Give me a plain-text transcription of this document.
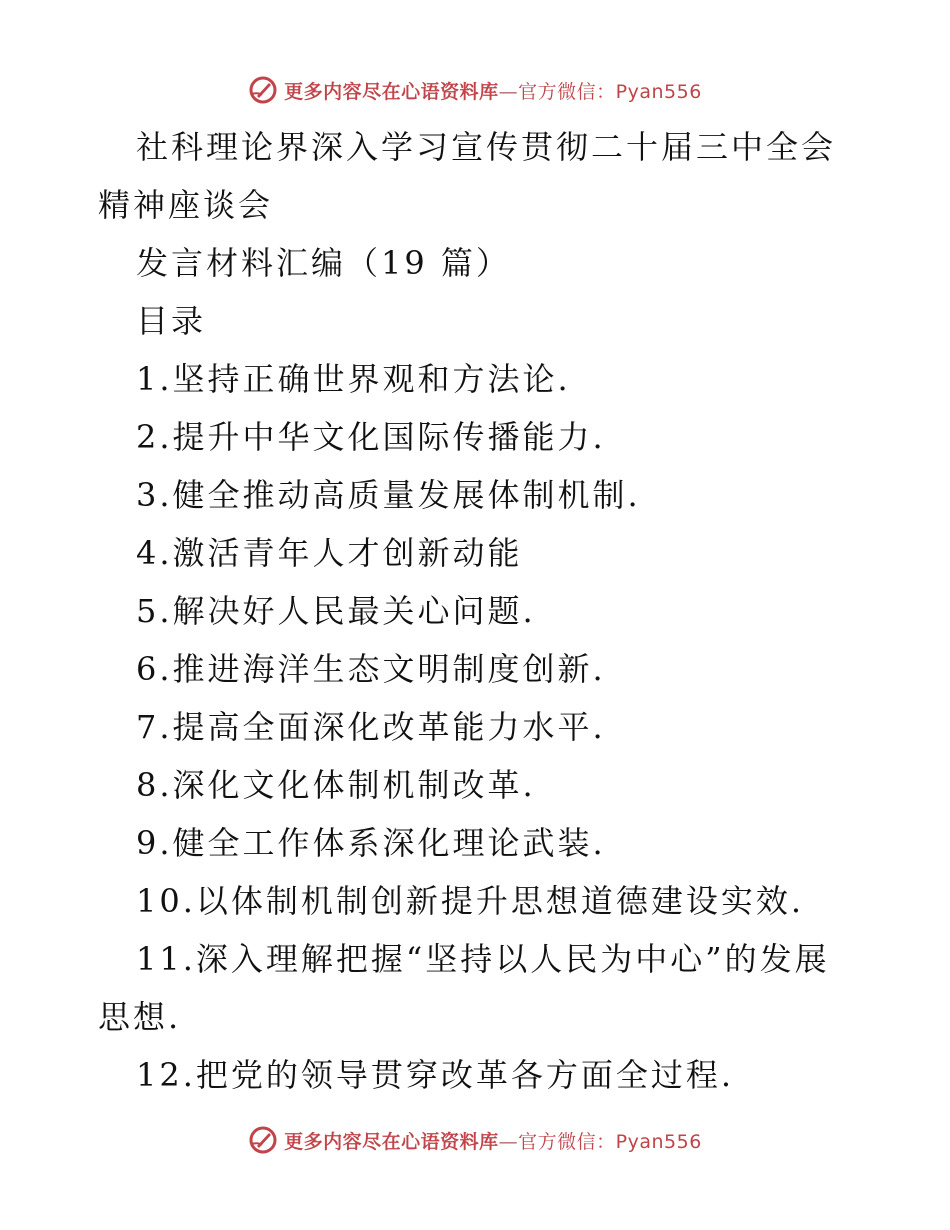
更多内容尽在心语资料库—官方微信：Pyan556

社科理论界深入学习宣传贯彻二十届三中全会精神座谈会

发言材料汇编（19 篇）

目录

1.坚持正确世界观和方法论.

2.提升中华文化国际传播能力.

3.健全推动高质量发展体制机制.

4.激活青年人才创新动能

5.解决好人民最关心问题.

6.推进海洋生态文明制度创新.

7.提高全面深化改革能力水平.

8.深化文化体制机制改革.

9.健全工作体系深化理论武装.

10.以体制机制创新提升思想道德建设实效.

11.深入理解把握“坚持以人民为中心”的发展思想.

12.把党的领导贯穿改革各方面全过程.

更多内容尽在心语资料库—官方微信：Pyan556
